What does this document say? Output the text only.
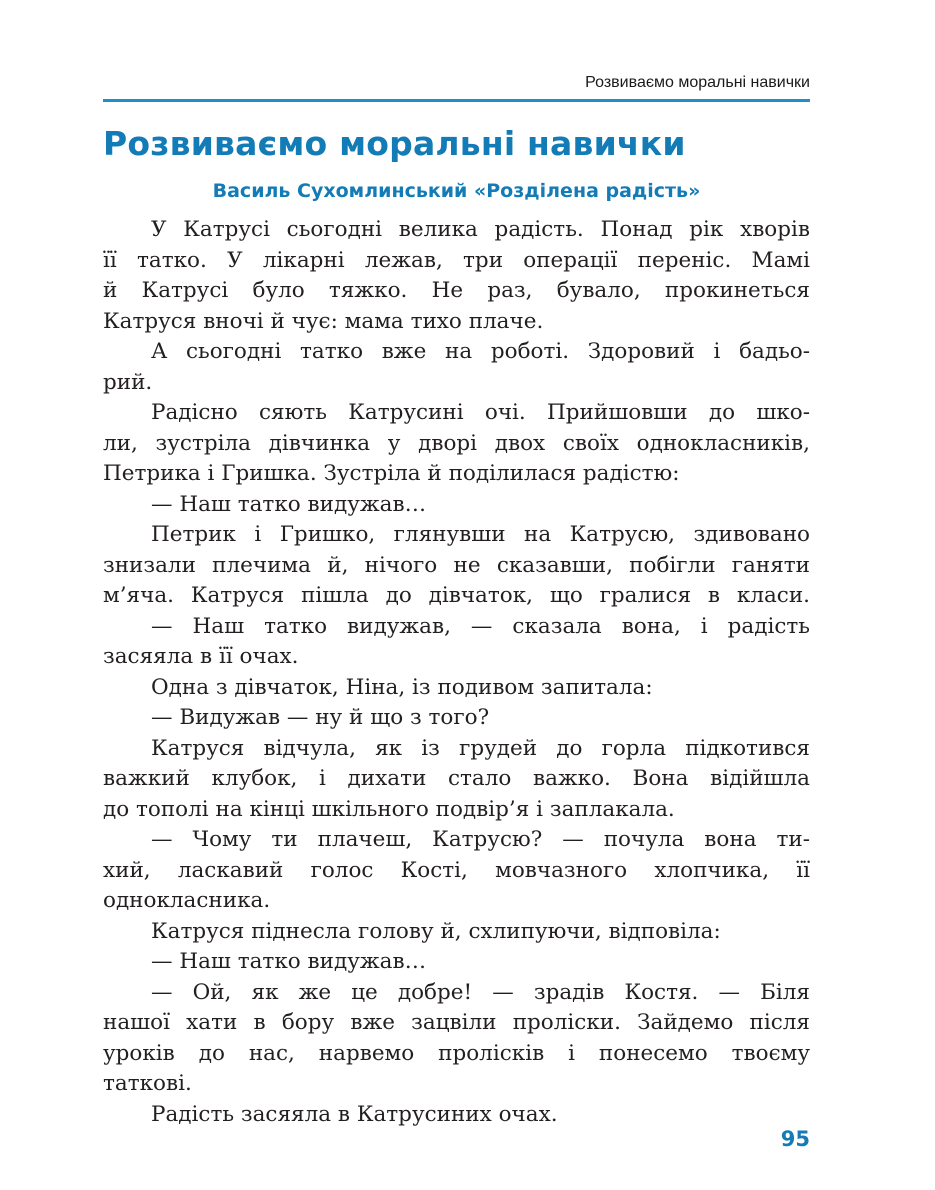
Розвиваємо моральні навички
Розвиваємо моральні навички
Василь Сухомлинський «Розділена радість»
У Катрусі сьогодні велика радість. Понад рік хворів
її татко. У лікарні лежав, три операції переніс. Мамі
й Катрусі було тяжко. Не раз, бувало, прокинеться
Катруся вночі й чує: мама тихо плаче.
А сьогодні татко вже на роботі. Здоровий і бадьо-
рий.
Радісно сяють Катрусині очі. Прийшовши до шко-
ли, зустріла дівчинка у дворі двох своїх однокласників,
Петрика і Гришка. Зустріла й поділилася радістю:
— Наш татко видужав…
Петрик і Гришко, глянувши на Катрусю, здивовано
знизали плечима й, нічого не сказавши, побігли ганяти
м’яча. Катруся пішла до дівчаток, що гралися в класи.
— Наш татко видужав, — сказала вона, і радість
засяяла в її очах.
Одна з дівчаток, Ніна, із подивом запитала:
— Видужав — ну й що з того?
Катруся відчула, як із грудей до горла підкотився
важкий клубок, і дихати стало важко. Вона відійшла
до тополі на кінці шкільного подвір’я і заплакала.
— Чому ти плачеш, Катрусю? — почула вона ти-
хий, ласкавий голос Кості, мовчазного хлопчика, її
однокласника.
Катруся піднесла голову й, схлипуючи, відповіла:
— Наш татко видужав…
— Ой, як же це добре! — зрадів Костя. — Біля
нашої хати в бору вже зацвіли проліски. Зайдемо після
уроків до нас, нарвемо пролісків і понесемо твоєму
таткові.
Радість засяяла в Катрусиних очах.
95
